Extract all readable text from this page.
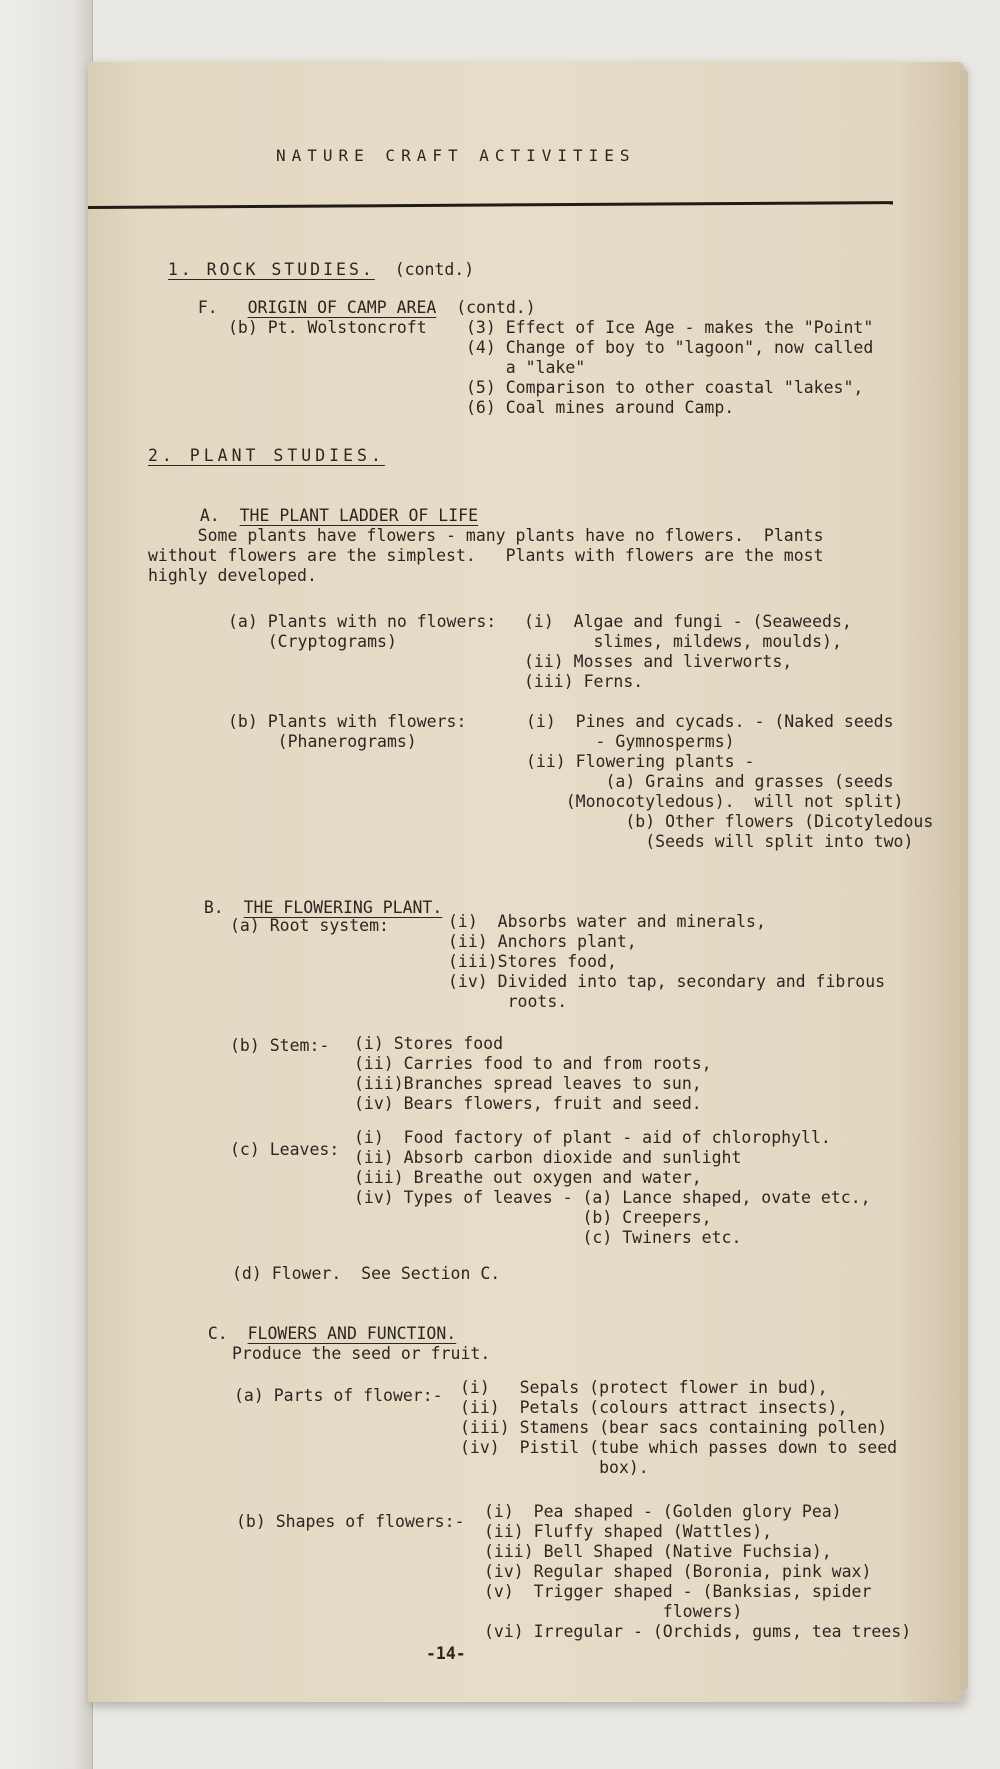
NATURE CRAFT ACTIVITIES

1. ROCK STUDIES. (contd.)

F. ORIGIN OF CAMP AREA (contd.)

(b) Pt. Wolstoncroft (3) Effect of Ice Age - makes the "Point"
(4) Change of boy to "lagoon", now called
a "lake"
(5) Comparison to other coastal "lakes",
(6) Coal mines around Camp.
2. PLANT STUDIES.

A. THE PLANT LADDER OF LIFE

Some plants have flowers - many plants have no flowers.  Plants
without flowers are the simplest.   Plants with flowers are the most
highly developed.
(a) Plants with no flowers:
(Cryptograms)
(i)  Algae and fungi - (Seaweeds,
slimes, mildews, moulds),
(ii) Mosses and liverworts,
(iii) Ferns.
(b) Plants with flowers:
(Phanerograms)
(i)  Pines and cycads. - (Naked seeds
- Gymnosperms)
(ii) Flowering plants -
(a) Grains and grasses (seeds
(Monocotyledous).  will not split)
(b) Other flowers (Dicotyledous
(Seeds will split into two)

B. THE FLOWERING PLANT.

(a) Root system:	(i)  Absorbs water and minerals,
(ii) Anchors plant,
(iii)Stores food,
(iv) Divided into tap, secondary and fibrous
roots.
(b) Stem:- (i) Stores food
(ii) Carries food to and from roots,
(iii)Branches spread leaves to sun,
(iv) Bears flowers, fruit and seed.
(c) Leaves:
(i)  Food factory of plant - aid of chlorophyll.
(ii) Absorb carbon dioxide and sunlight
(iii) Breathe out oxygen and water,
(iv) Types of leaves - (a) Lance shaped, ovate etc.,
(b) Creepers,
(c) Twiners etc.
(d) Flower.  See Section C.

C. FLOWERS AND FUNCTION.

Produce the seed or fruit.
(a) Parts of flower:- (i)   Sepals (protect flower in bud),
(ii)  Petals (colours attract insects),
(iii) Stamens (bear sacs containing pollen)
(iv)  Pistil (tube which passes down to seed
box).
(b) Shapes of flowers:-
(i)  Pea shaped - (Golden glory Pea)
(ii) Fluffy shaped (Wattles),
(iii) Bell Shaped (Native Fuchsia),
(iv) Regular shaped (Boronia, pink wax)
(v)  Trigger shaped - (Banksias, spider
flowers)
(vi) Irregular - (Orchids, gums, tea trees)
-14-
